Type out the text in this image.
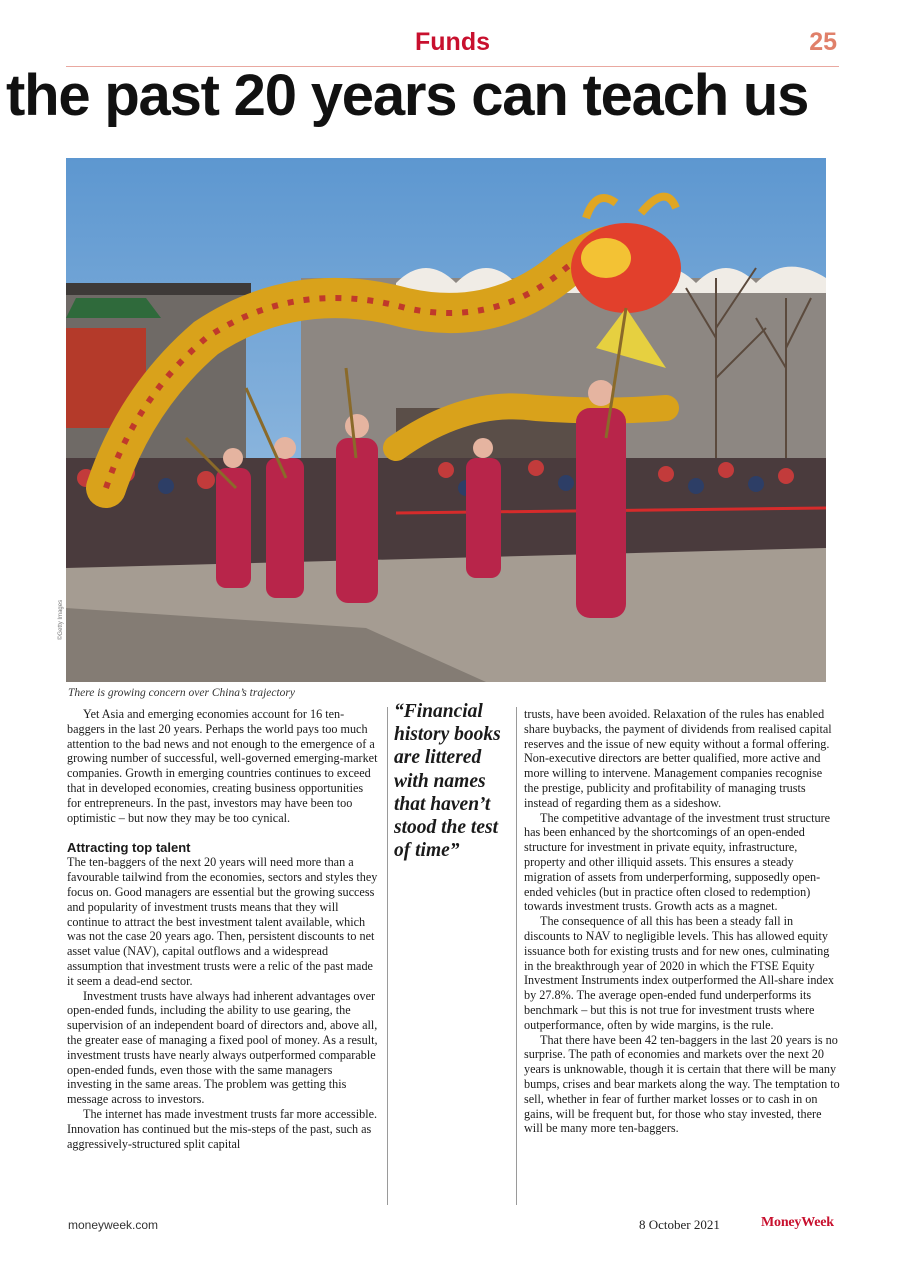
Funds	25

the past 20 years can teach us
©Getty Images

There is growing concern over China’s trajectory

Yet Asia and emerging economies account for 16 ten-baggers in the last 20 years. Perhaps the world pays too much attention to the bad news and not enough to the emergence of a growing number of successful, well-governed emerging-market companies. Growth in emerging countries continues to exceed that in developed economies, creating business opportunities for entrepreneurs. In the past, investors may have been too optimistic – but now they may be too cynical.

Attracting top talent

The ten-baggers of the next 20 years will need more than a favourable tailwind from the economies, sectors and styles they focus on. Good managers are essential but the growing success and popularity of investment trusts means that they will continue to attract the best investment talent available, which was not the case 20 years ago. Then, persistent discounts to net asset value (NAV), capital outflows and a widespread assumption that investment trusts were a relic of the past made it seem a dead-end sector.

Investment trusts have always had inherent advantages over open-ended funds, including the ability to use gearing, the supervision of an independent board of directors and, above all, the greater ease of managing a fixed pool of money. As a result, investment trusts have nearly always outperformed comparable open-ended funds, even those with the same managers investing in the same areas. The problem was getting this message across to investors.

The internet has made investment trusts far more accessible. Innovation has continued but the mis-steps of the past, such as aggressively-structured split capital

“Financial history books are littered with names that haven’t stood the test of time”

trusts, have been avoided. Relaxation of the rules has enabled share buybacks, the payment of dividends from realised capital reserves and the issue of new equity without a formal offering. Non-executive directors are better qualified, more active and more willing to intervene. Management companies recognise the prestige, publicity and profitability of managing trusts instead of regarding them as a sideshow.

The competitive advantage of the investment trust structure has been enhanced by the shortcomings of an open-ended structure for investment in private equity, infrastructure, property and other illiquid assets. This ensures a steady migration of assets from underperforming, supposedly open-ended vehicles (but in practice often closed to redemption) towards investment trusts. Growth acts as a magnet.

The consequence of all this has been a steady fall in discounts to NAV to negligible levels. This has allowed equity issuance both for existing trusts and for new ones, culminating in the breakthrough year of 2020 in which the FTSE Equity Investment Instruments index outperformed the All-share index by 27.8%. The average open-ended fund underperforms its benchmark – but this is not true for investment trusts where outperformance, often by wide margins, is the rule.

That there have been 42 ten-baggers in the last 20 years is no surprise. The path of economies and markets over the next 20 years is unknowable, though it is certain that there will be many bumps, crises and bear markets along the way. The temptation to sell, whether in fear of further market losses or to cash in on gains, will be frequent but, for those who stay invested, there will be many more ten-baggers.

moneyweek.com	8 October 2021	MoneyWeek
